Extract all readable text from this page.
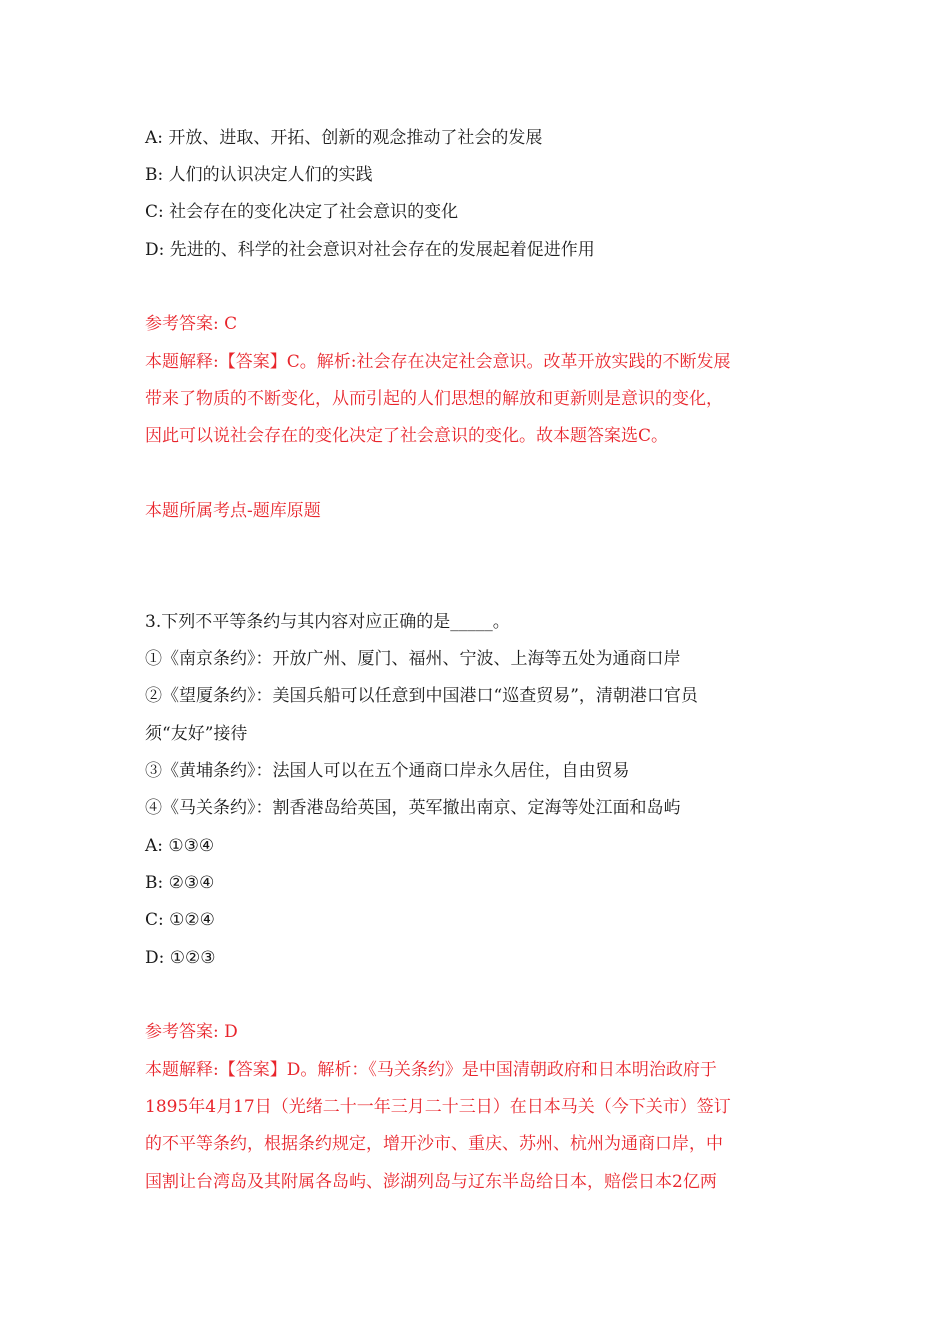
A: 开放、进取、开拓、创新的观念推动了社会的发展
B: 人们的认识决定人们的实践
C: 社会存在的变化决定了社会意识的变化
D: 先进的、科学的社会意识对社会存在的发展起着促进作用
参考答案: C
本题解释:【答案】C。解析:社会存在决定社会意识。改革开放实践的不断发展
带来了物质的不断变化，从而引起的人们思想的解放和更新则是意识的变化，
因此可以说社会存在的变化决定了社会意识的变化。故本题答案选C。
本题所属考点-题库原题
3.下列不平等条约与其内容对应正确的是_____。
①《南京条约》：开放广州、厦门、福州、宁波、上海等五处为通商口岸
②《望厦条约》：美国兵船可以任意到中国港口“巡查贸易”，清朝港口官员
须“友好”接待
③《黄埔条约》：法国人可以在五个通商口岸永久居住，自由贸易
④《马关条约》：割香港岛给英国，英军撤出南京、定海等处江面和岛屿
A: ①③④
B: ②③④
C: ①②④
D: ①②③
参考答案: D
本题解释:【答案】D。解析：《马关条约》是中国清朝政府和日本明治政府于
1895年4月17日（光绪二十一年三月二十三日）在日本马关（今下关市）签订
的不平等条约，根据条约规定，增开沙市、重庆、苏州、杭州为通商口岸，中
国割让台湾岛及其附属各岛屿、澎湖列岛与辽东半岛给日本，赔偿日本2亿两
